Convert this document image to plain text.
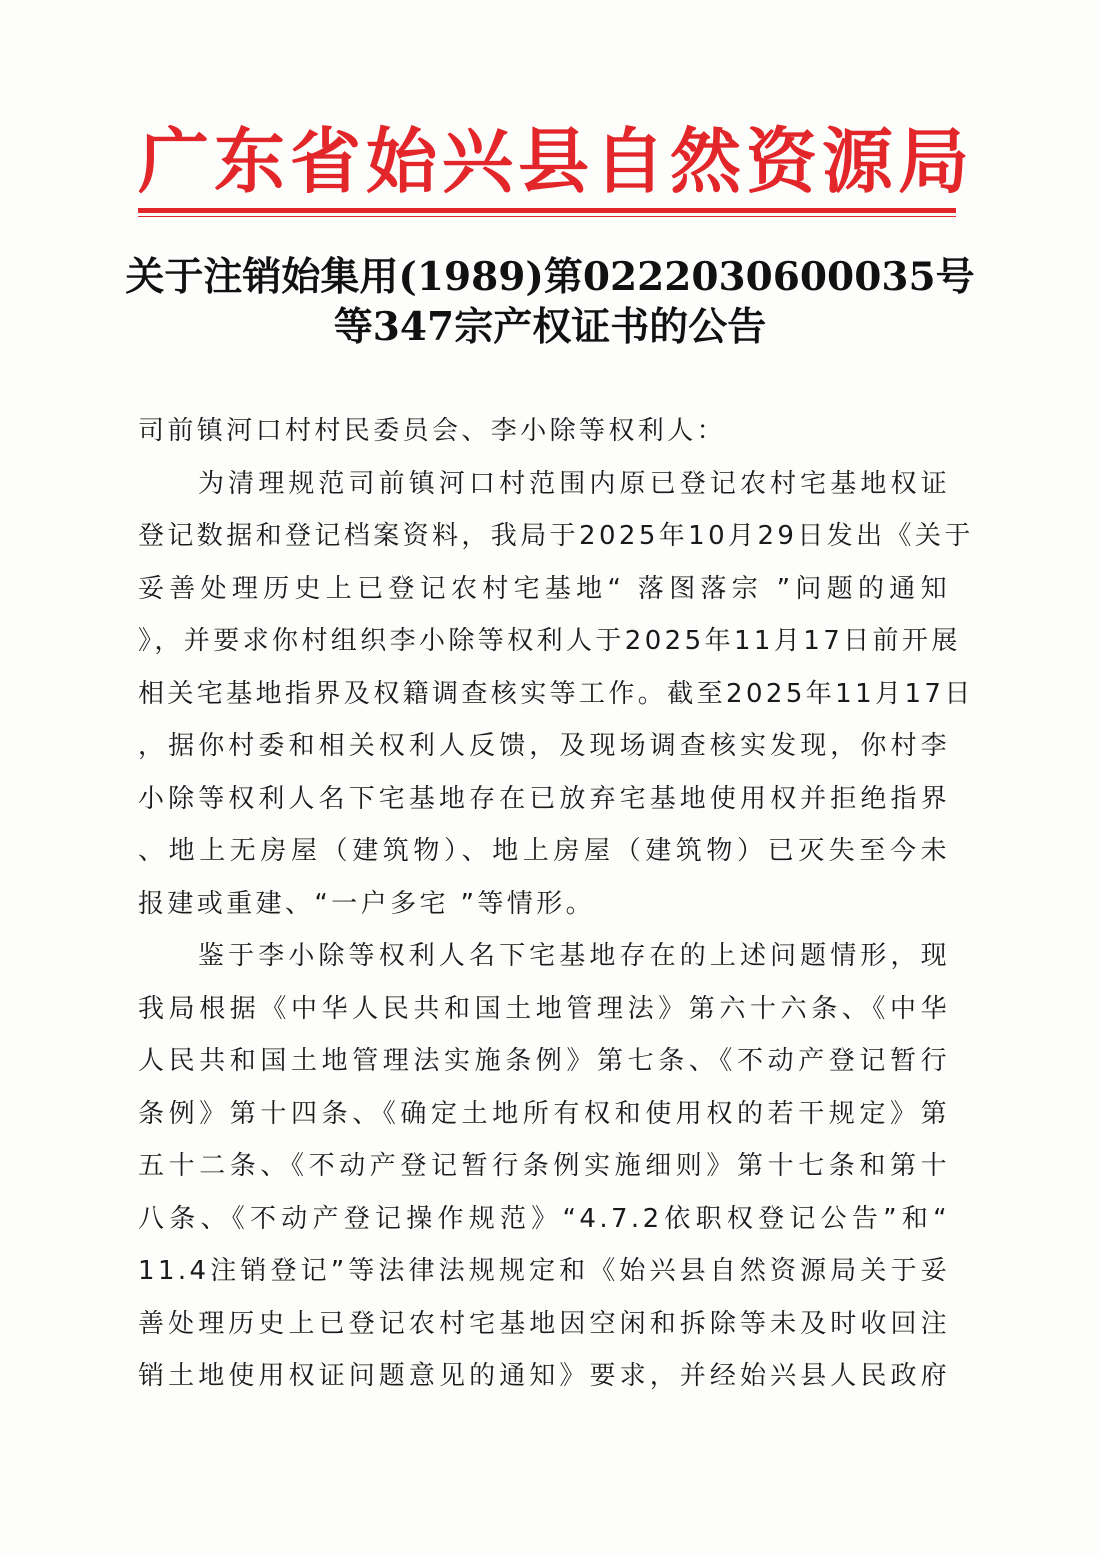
广东省始兴县自然资源局
关于注销始集用(1989)第0222030600035号
等347宗产权证书的公告
司前镇河口村村民委员会、李小除等权利人：
为清理规范司前镇河口村范围内原已登记农村宅基地权证
登记数据和登记档案资料，我局于2025年10月29日发出《关于
妥善处理历史上已登记农村宅基地“ 落图落宗 ”问题的通知
》，并要求你村组织李小除等权利人于2025年11月17日前开展
相关宅基地指界及权籍调查核实等工作。截至2025年11月17日
，据你村委和相关权利人反馈，及现场调查核实发现，你村李
小除等权利人名下宅基地存在已放弃宅基地使用权并拒绝指界
、地上无房屋（建筑物）、地上房屋（建筑物）已灭失至今未
报建或重建、“一户多宅 ”等情形。
鉴于李小除等权利人名下宅基地存在的上述问题情形，现
我局根据《中华人民共和国土地管理法》第六十六条、《中华
人民共和国土地管理法实施条例》第七条、《不动产登记暂行
条例》第十四条、《确定土地所有权和使用权的若干规定》第
五十二条、《不动产登记暂行条例实施细则》第十七条和第十
八条、《不动产登记操作规范》“4.7.2依职权登记公告”和“
11.4注销登记”等法律法规规定和《始兴县自然资源局关于妥
善处理历史上已登记农村宅基地因空闲和拆除等未及时收回注
销土地使用权证问题意见的通知》要求，并经始兴县人民政府
